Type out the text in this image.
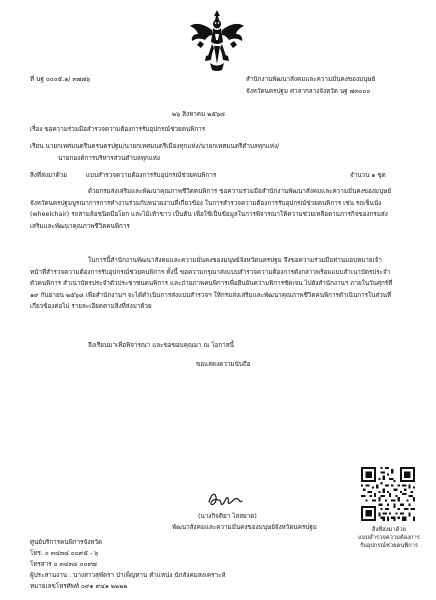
ที่ นฐ ๐๐๐๕.๑/ ๓๗๗๖	สำนักงานพัฒนาสังคมและความมั่นคงของมนุษย์
จังหวัดนครปฐม ศาลากลางจังหวัด นฐ ๗๓๐๐๐
๒๖ สิงหาคม ๒๕๖๘
เรื่อง ขอความร่วมมือสำรวจความต้องการรับอุปกรณ์ช่วยคนพิการ
เรียน นายกเทศมนตรีนครนครปฐม/นายกเทศมนตรีเมืองทุกแห่ง/นายกเทศมนตรีตำบลทุกแห่ง/
นายกองค์การบริหารส่วนตำบลทุกแห่ง
สิ่งที่ส่งมาด้วย	แบบสำรวจความต้องการรับอุปกรณ์ช่วยคนพิการ	จำนวน ๑ ชุด
ด้วยกรมส่งเสริมและพัฒนาคุณภาพชีวิตคนพิการ ขอความร่วมมือสำนักงานพัฒนาสังคมและความมั่นคงของมนุษย์จังหวัดนครปฐมบูรณาการการทำงานร่วมกับหน่วยงานที่เกี่ยวข้อง ในการสำรวจความต้องการรับอุปกรณ์ช่วยคนพิการ เช่น รถเข็นนั่ง (wheelchair) รถสามล้อชนิดมือโยก และไม้เท้าขาว เป็นต้น เพื่อใช้เป็นข้อมูลในการพิจารณาให้ความช่วยเหลือตามภารกิจของกรมส่งเสริมและพัฒนาคุณภาพชีวิตคนพิการ
ในการนี้สำนักงานพัฒนาสังคมและความมั่นคงของมนุษย์จังหวัดนครปฐม จึงขอความร่วมมือท่านมอบหมายเจ้าหน้าที่สำรวจความต้องการรับอุปกรณ์ช่วยคนพิการ ทั้งนี้ ขอความกรุณาส่งแบบสำรวจความต้องการดังกล่าวพร้อมแบบสำเนาบัตรประจำตัวคนพิการ สำเนาบัตรประจำตัวประชาชนคนพิการ และถ่ายภาพคนพิการเพื่อยืนยันความพิการชัดเจน ไปยังสำนักงานฯ ภายในวันศุกร์ที่ ๑๙ กันยายน ๒๕๖๘ เพื่อสำนักงานฯ จะได้ดำเนินการส่งแบบสำรวจฯ ให้กรมส่งเสริมและพัฒนาคุณภาพชีวิตคนพิการดำเนินการในส่วนที่เกี่ยวข้องต่อไป รายละเอียดตามสิ่งที่ส่งมาด้วย
จึงเรียนมาเพื่อพิจารณา และขอขอบคุณมา ณ โอกาสนี้
ขอแสดงความนับถือ
(นางกิจติยา ไสสยาด)
พัฒนาสังคมและความมั่นคงของมนุษย์จังหวัดนครปฐม
ศูนย์บริการคนพิการจังหวัด
โทร. ๐ ๓๔๓๔ ๐๐๙๕ - ๖
โทรสาร ๐ ๓๔๓๔ ๐๐๙๗
ผู้ประสานงาน : นางสาวสุพัตรา ป่าเพ็ญทาน ตำแหน่ง นักสังคมสงเคราะห์
หมายเลขโทรศัพท์ ๐๙๑ ๙๔๑ ๒๒๒๒
สิ่งที่ส่งมาด้วย
แบบสำรวจความต้องการ
รับอุปกรณ์ช่วยคนพิการ
